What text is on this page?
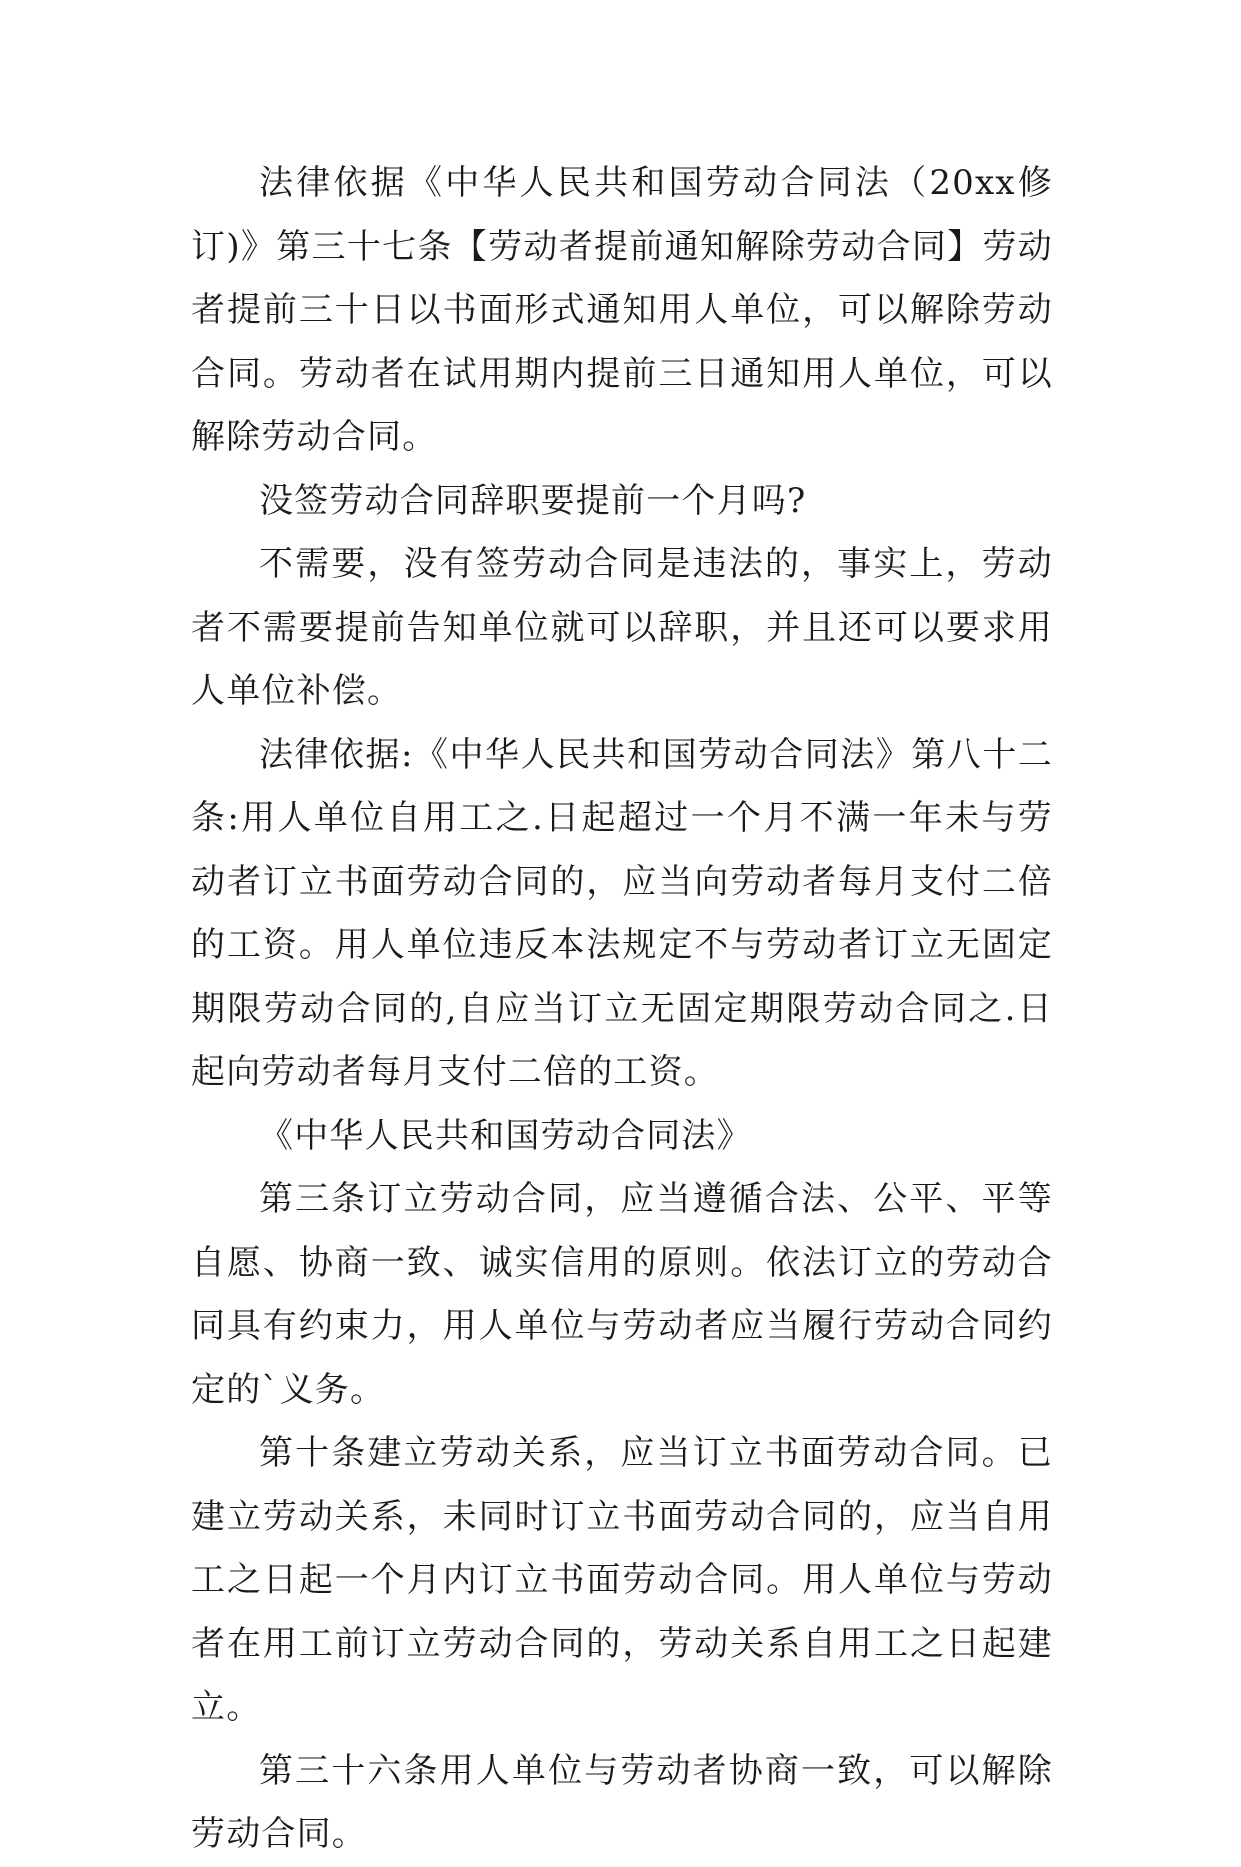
法律依据《中华人民共和国劳动合同法（20xx修订)》第三十七条【劳动者提前通知解除劳动合同】劳动者提前三十日以书面形式通知用人单位，可以解除劳动合同。劳动者在试用期内提前三日通知用人单位，可以解除劳动合同。

没签劳动合同辞职要提前一个月吗?

不需要，没有签劳动合同是违法的，事实上，劳动者不需要提前告知单位就可以辞职，并且还可以要求用人单位补偿。

法律依据:《中华人民共和国劳动合同法》第八十二条:用人单位自用工之.日起超过一个月不满一年未与劳动者订立书面劳动合同的，应当向劳动者每月支付二倍的工资。用人单位违反本法规定不与劳动者订立无固定期限劳动合同的,自应当订立无固定期限劳动合同之.日起向劳动者每月支付二倍的工资。

《中华人民共和国劳动合同法》

第三条订立劳动合同，应当遵循合法、公平、平等自愿、协商一致、诚实信用的原则。依法订立的劳动合同具有约束力，用人单位与劳动者应当履行劳动合同约定的`义务。

第十条建立劳动关系，应当订立书面劳动合同。已建立劳动关系，未同时订立书面劳动合同的，应当自用工之日起一个月内订立书面劳动合同。用人单位与劳动者在用工前订立劳动合同的，劳动关系自用工之日起建立。

第三十六条用人单位与劳动者协商一致，可以解除劳动合同。
